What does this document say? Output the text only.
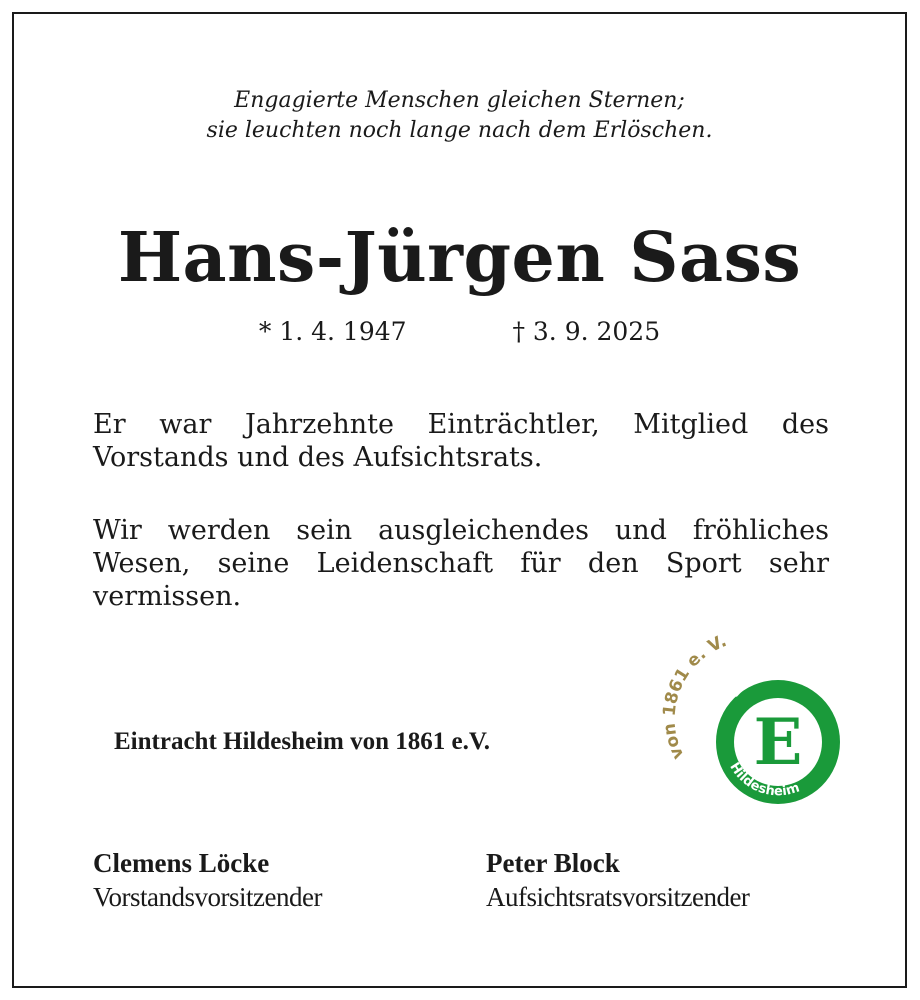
Engagierte Menschen gleichen Sternen;
sie leuchten noch lange nach dem Erlöschen.
Hans-Jürgen Sass
* 1. 4. 1947	† 3. 9. 2025
Er war Jahrzehnte Einträchtler, Mitglied des
Vorstands und des Aufsichtsrats.
Wir werden sein ausgleichendes und fröhliches
Wesen, seine Leidenschaft für den Sport sehr
vermissen.
Eintracht Hildesheim von 1861 e.V.	von 1861 e. V.
Eintracht
E
Hildesheim
Clemens Löcke
Vorstandsvorsitzender
Peter Block
Aufsichtsratsvorsitzender
